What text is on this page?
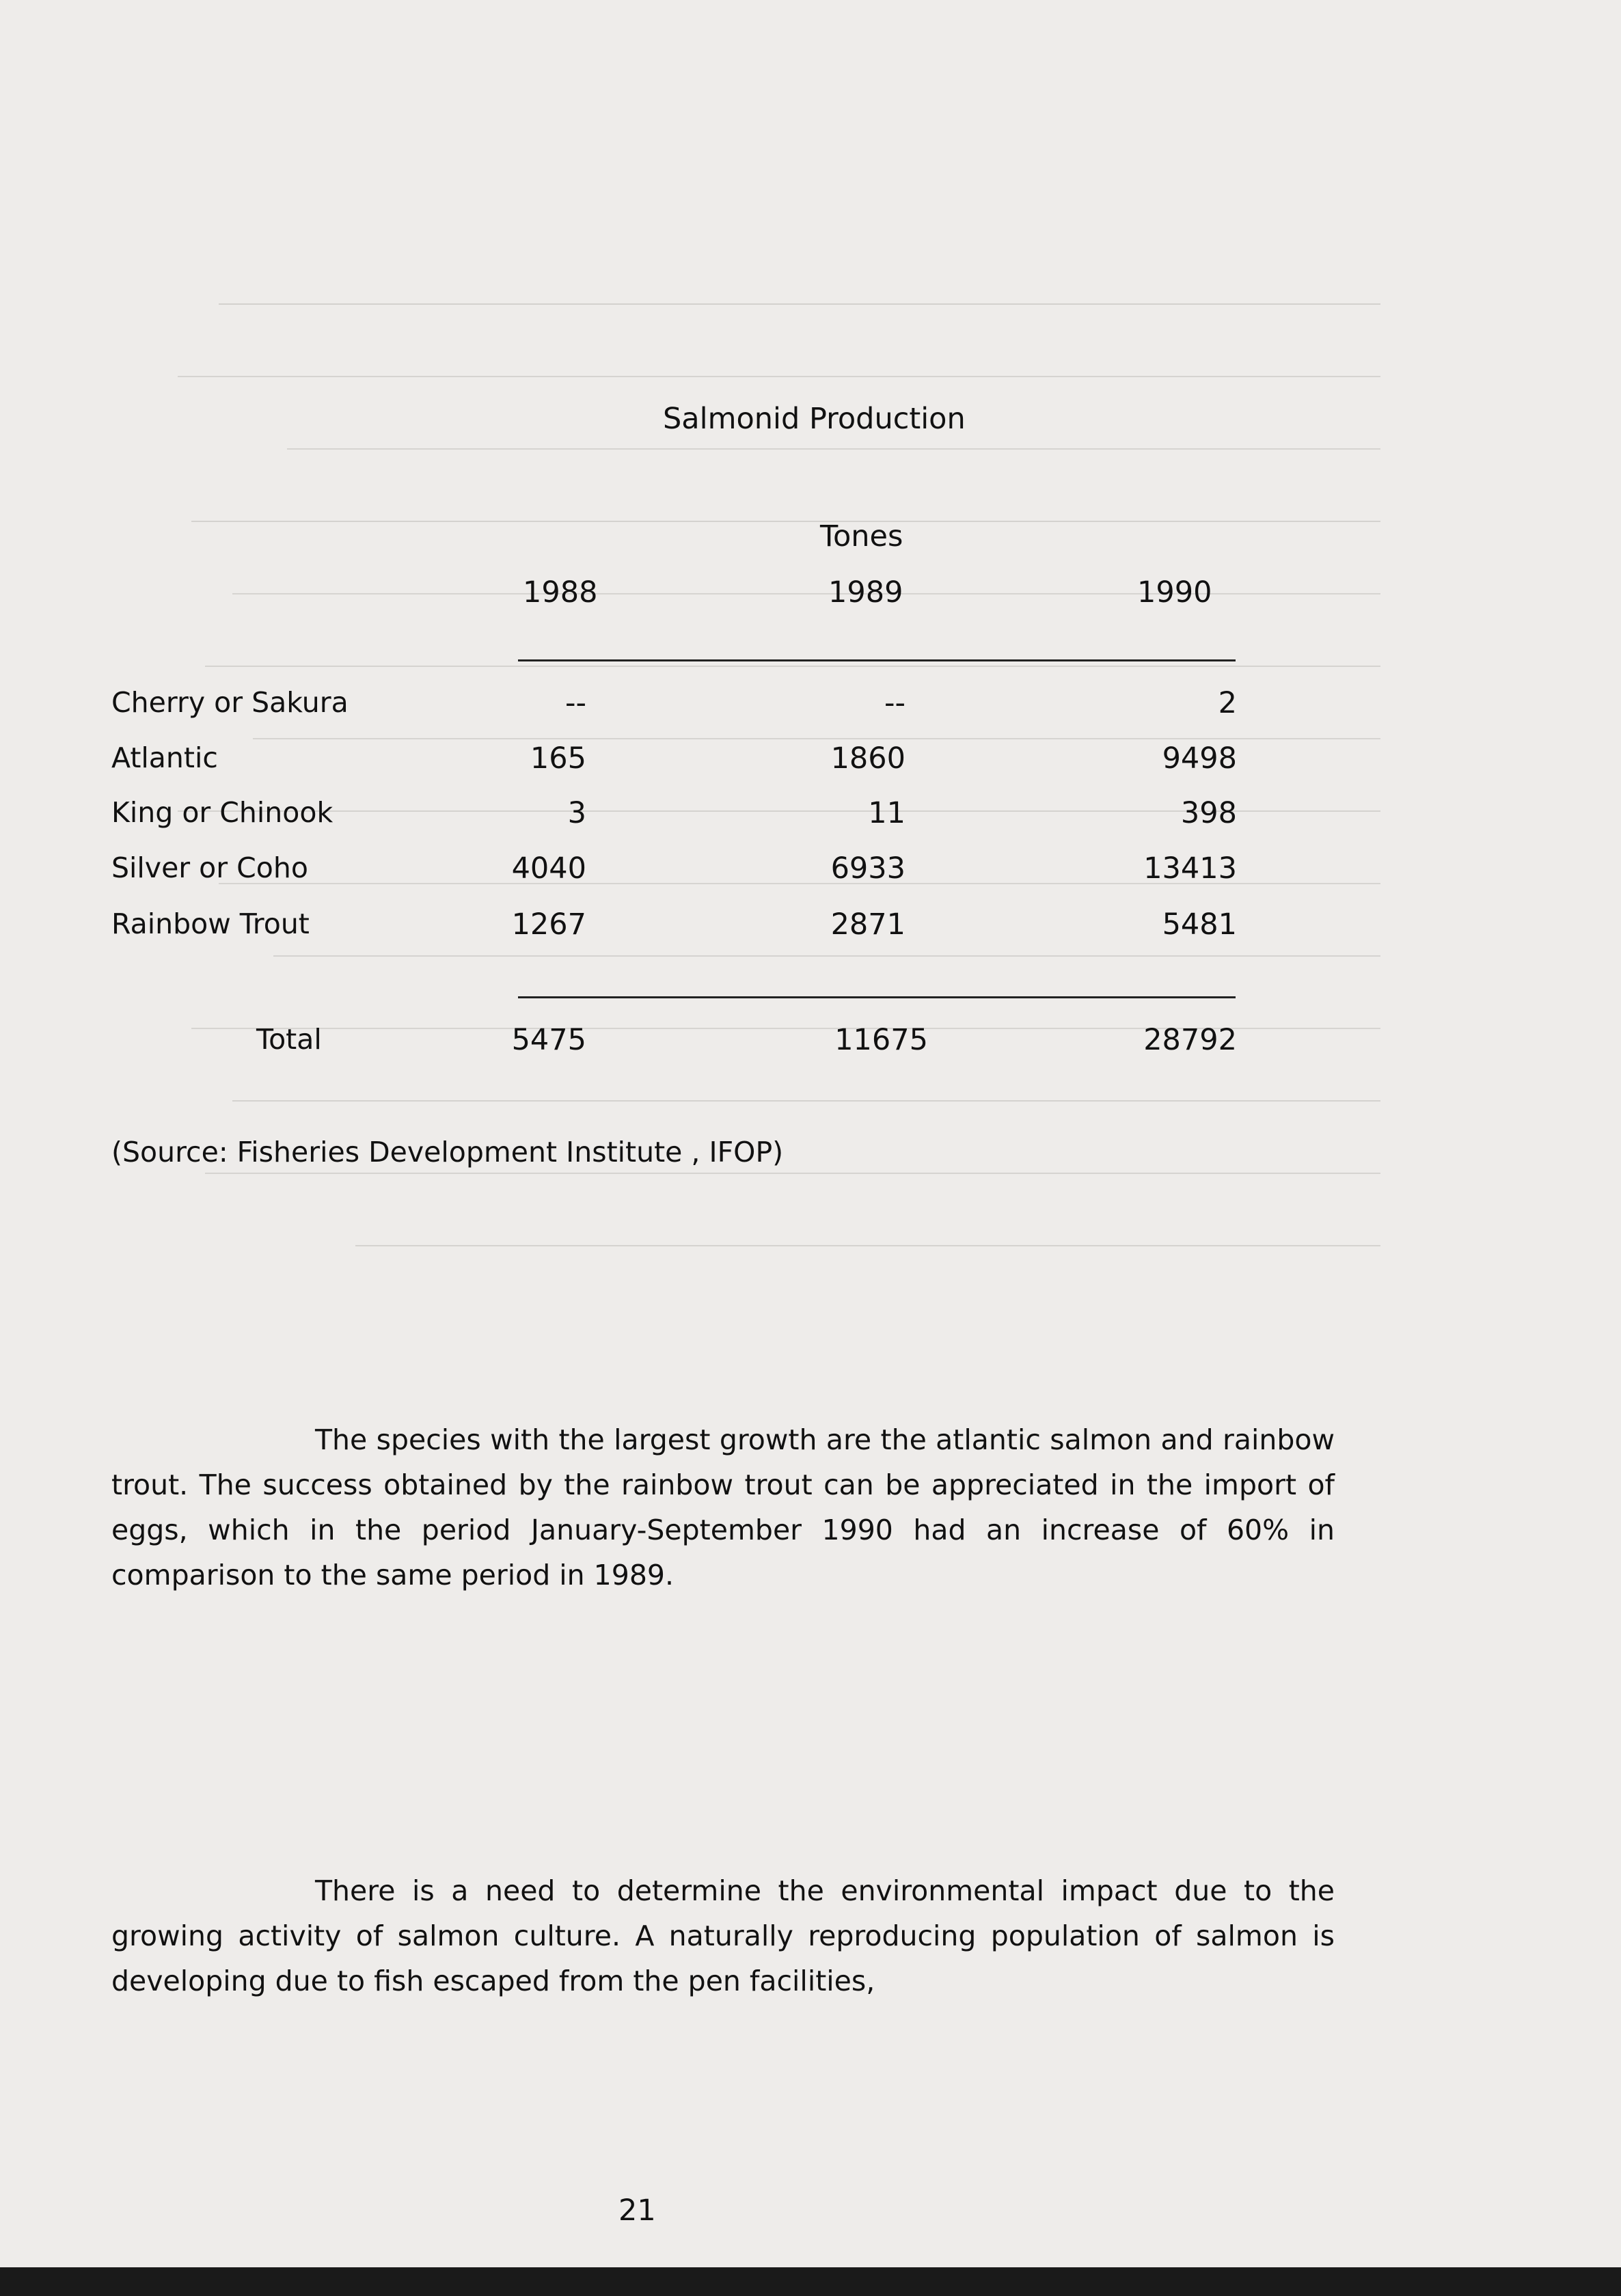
Salmonid Production
Tones
1988	1989	1990
Cherry or Sakura	--	--	2
Atlantic	165	1860	9498
King or Chinook	3	11	398
Silver or Coho	4040	6933	13413
Rainbow Trout	1267	2871	5481
Total	5475	11675	28792
(Source: Fisheries Development Institute , IFOP)
The species with the largest growth are the atlantic salmon and rainbow trout. The success obtained by the rainbow trout can be appreciated in the import of eggs, which in the period January-September 1990 had an increase of 60% in comparison to the same period in 1989.
There is a need to determine the environmental impact due to the growing activity of salmon culture. A naturally reproducing population of salmon is developing due to fish escaped from the pen facilities,
21
